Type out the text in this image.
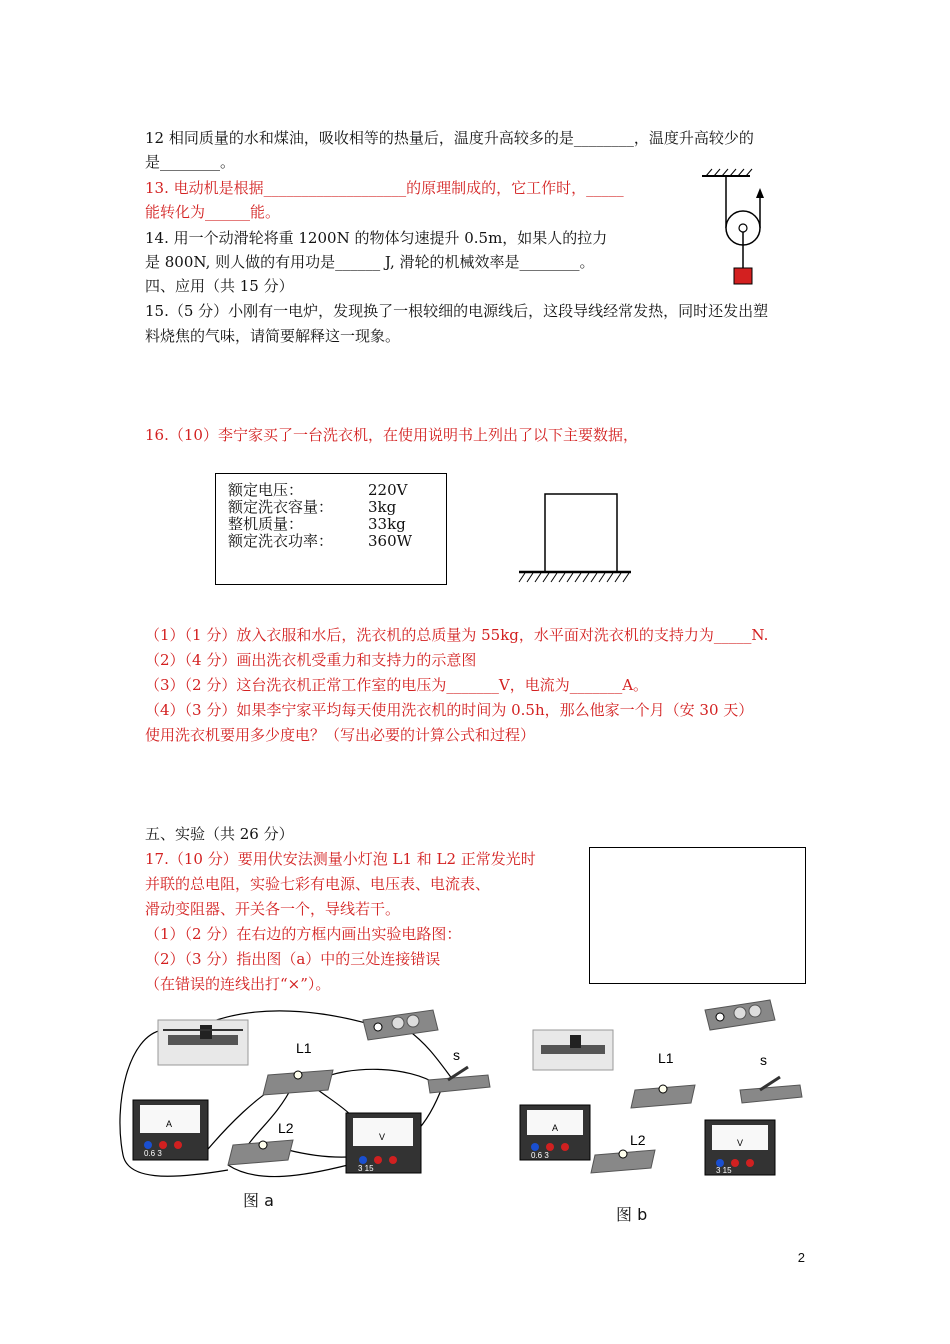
12 相同质量的水和煤油，吸收相等的热量后，温度升高较多的是________，温度升高较少的
是________。
13. 电动机是根据___________________的原理制成的，它工作时，_____
能转化为______能。
14. 用一个动滑轮将重 1200N 的物体匀速提升 0.5m，如果人的拉力
是 800N, 则人做的有用功是______ J, 滑轮的机械效率是________。
四、应用（共 15 分）
15.（5 分）小刚有一电炉，发现换了一根较细的电源线后，这段导线经常发热，同时还发出塑
料烧焦的气味，请简要解释这一现象。
16.（10）李宁家买了一台洗衣机，在使用说明书上列出了以下主要数据，
额定电压：	220V
额定洗衣容量： 3kg
整机质量：	33kg
额定洗衣功率： 360W
（1）（1 分）放入衣服和水后，洗衣机的总质量为 55kg，水平面对洗衣机的支持力为_____N.
（2）（4 分）画出洗衣机受重力和支持力的示意图
（3）（2 分）这台洗衣机正常工作室的电压为_______V，电流为_______A。
（4）（3 分）如果李宁家平均每天使用洗衣机的时间为 0.5h，那么他家一个月（安 30 天）
使用洗衣机要用多少度电？（写出必要的计算公式和过程）
五、实验（共 26 分）
17.（10 分）要用伏安法测量小灯泡 L1 和 L2 正常发光时
并联的总电阻，实验七彩有电源、电压表、电流表、
滑动变阻器、开关各一个，导线若干。
（1）（2 分）在右边的方框内画出实验电路图：
（2）（3 分）指出图（a）中的三处连接错误
（在错误的连线出打“×”）。
L1
L2
s
A
0.6 3
V
3 15
图 a
L1
L2
s
A
0.6 3
V
3 15
图 b
2
